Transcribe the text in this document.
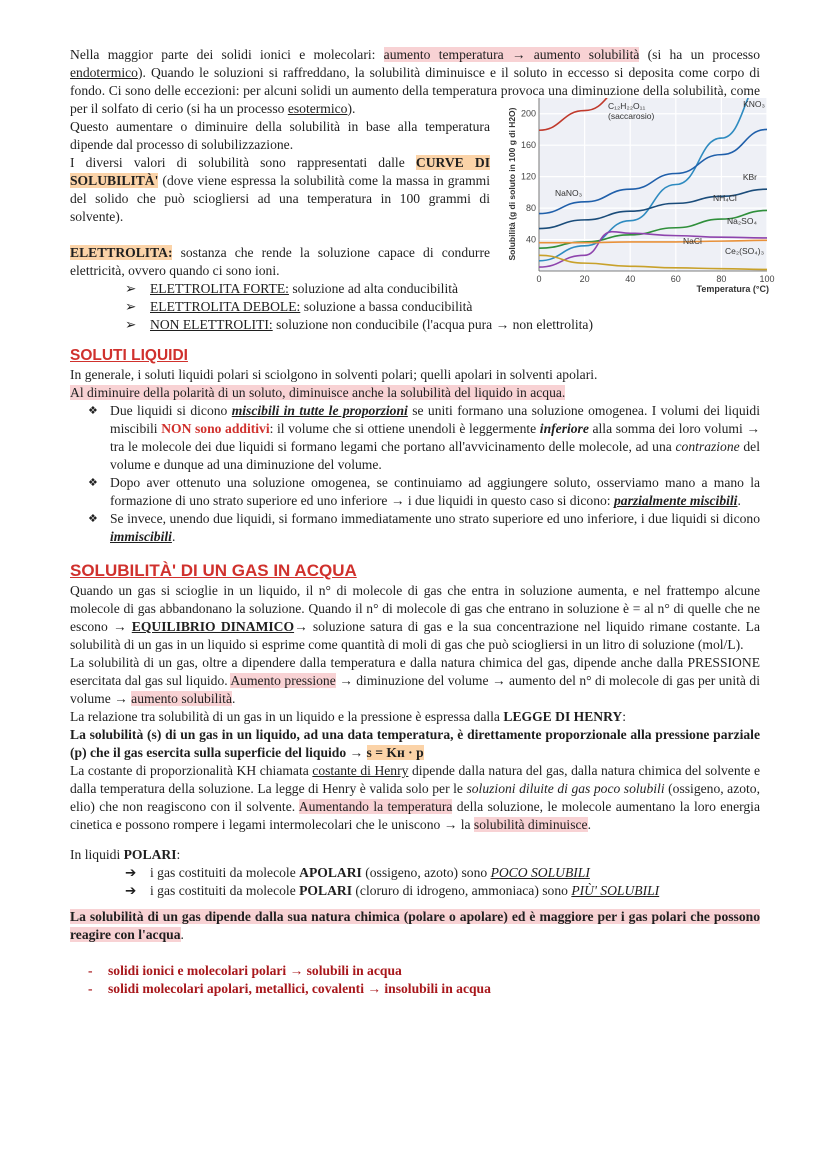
Nella maggior parte dei solidi ionici e molecolari: aumento temperatura → aumento solubilità (si ha un processo endotermico). Quando le soluzioni si raffreddano, la solubilità diminuisce e il soluto in eccesso si deposita come corpo di fondo. Ci sono delle eccezioni: per alcuni solidi un aumento della temperatura provoca una diminuzione della solubilità, come per il solfato di cerio (si ha un processo esotermico).

Questo aumentare o diminuire della solubilità in base alla temperatura dipende dal processo di solubilizzazione.

I diversi valori di solubilità sono rappresentati dalle CURVE DI SOLUBILITÀ' (dove viene espressa la solubilità come la massa in grammi del solido che può sciogliersi ad una temperatura in 100 grammi di solvente).

ELETTROLITA: sostanza che rende la soluzione capace di condurre elettricità, ovvero quando ci sono ioni.

➢ ELETTROLITA FORTE: soluzione ad alta conducibilità
➢ ELETTROLITA DEBOLE: soluzione a bassa conducibilità
➢ NON ELETTROLITI: soluzione non conducibile (l'acqua pura → non elettrolita)
SOLUTI LIQUIDI

In generale, i soluti liquidi polari si sciolgono in solventi polari; quelli apolari in solventi apolari.

Al diminuire della polarità di un soluto, diminuisce anche la solubilità del liquido in acqua.

❖ Due liquidi si dicono miscibili in tutte le proporzioni se uniti formano una soluzione omogenea. I volumi dei liquidi miscibili NON sono additivi: il volume che si ottiene unendoli è leggermente inferiore alla somma dei loro volumi → tra le molecole dei due liquidi si formano legami che portano all'avvicinamento delle molecole, ad una contrazione del volume e dunque ad una diminuzione del volume.
❖ Dopo aver ottenuto una soluzione omogenea, se continuiamo ad aggiungere soluto, osserviamo mano a mano la formazione di uno strato superiore ed uno inferiore → i due liquidi in questo caso si dicono: parzialmente miscibili.
❖ Se invece, unendo due liquidi, si formano immediatamente uno strato superiore ed uno inferiore, i due liquidi si dicono immiscibili.
SOLUBILITÀ' DI UN GAS IN ACQUA

Quando un gas si scioglie in un liquido, il n° di molecole di gas che entra in soluzione aumenta, e nel frattempo alcune molecole di gas abbandonano la soluzione. Quando il n° di molecole di gas che entrano in soluzione è = al n° di quelle che ne escono → EQUILIBRIO DINAMICO→ soluzione satura di gas e la sua concentrazione nel liquido rimane costante. La solubilità di un gas in un liquido si esprime come quantità di moli di gas che può sciogliersi in un litro di soluzione (mol/L).

La solubilità di un gas, oltre a dipendere dalla temperatura e dalla natura chimica del gas, dipende anche dalla PRESSIONE esercitata dal gas sul liquido. Aumento pressione → diminuzione del volume → aumento del n° di molecole di gas per unità di volume → aumento solubilità.

La relazione tra solubilità di un gas in un liquido e la pressione è espressa dalla LEGGE DI HENRY:

La solubilità (s) di un gas in un liquido, ad una data temperatura, è direttamente proporzionale alla pressione parziale (p) che il gas esercita sulla superficie del liquido → s = Kʜ · p

La costante di proporzionalità KH chiamata costante di Henry dipende dalla natura del gas, dalla natura chimica del solvente e dalla temperatura della soluzione. La legge di Henry è valida solo per le soluzioni diluite di gas poco solubili (ossigeno, azoto, elio) che non reagiscono con il solvente. Aumentando la temperatura della soluzione, le molecole aumentano la loro energia cinetica e possono rompere i legami intermolecolari che le uniscono → la solubilità diminuisce.

In liquidi POLARI:

➔ i gas costituiti da molecole APOLARI (ossigeno, azoto) sono POCO SOLUBILI
➔ i gas costituiti da molecole POLARI (cloruro di idrogeno, ammoniaca) sono PIÙ' SOLUBILI

La solubilità di un gas dipende dalla sua natura chimica (polare o apolare) ed è maggiore per i gas polari che possono reagire con l'acqua.

- solidi ionici e molecolari polari → solubili in acqua
- solidi molecolari apolari, metallici, covalenti → insolubili in acqua
40
80
120
160
200
0	20	40	60	80	100
C₁₂H₂₂O₁₁
(saccarosio)
KNO₃
NaNO₃
KBr
NH₄Cl
Na₂SO₄
NaCl
Ce₂(SO₄)₃
Solubilità (g di soluto in 100 g di H2O)
Temperatura (°C)
